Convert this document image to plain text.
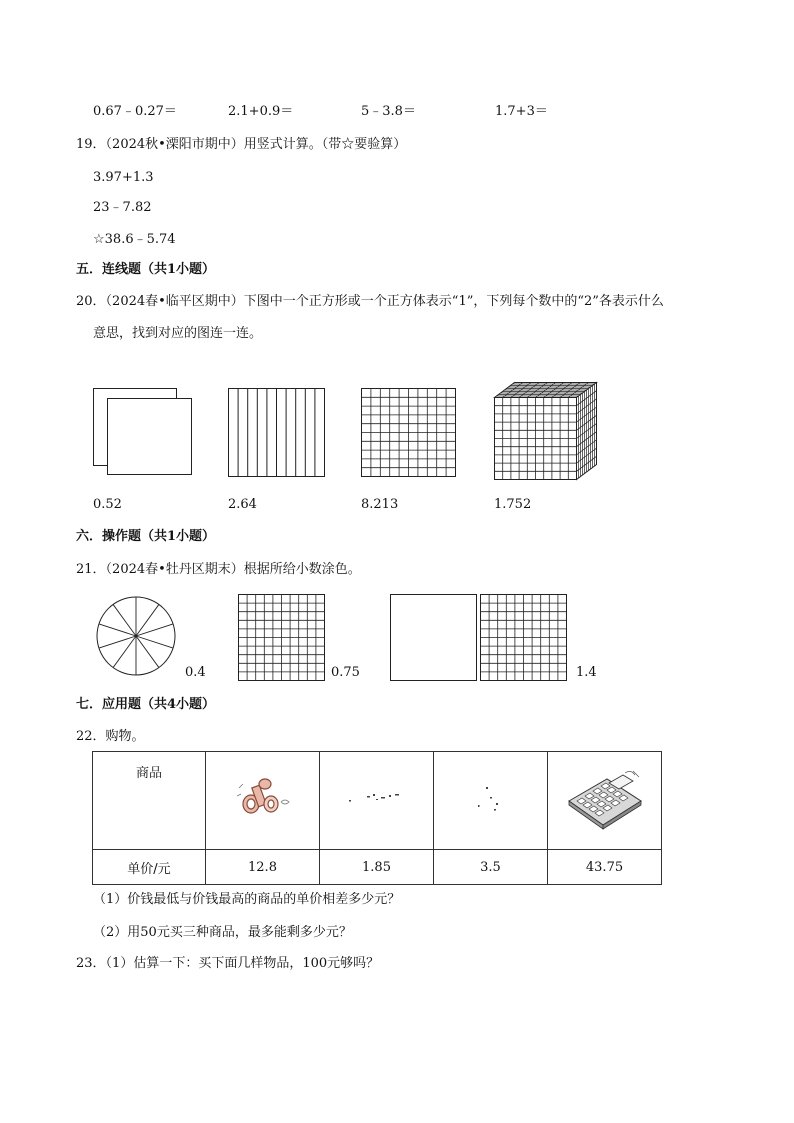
0.67﹣0.27＝	2.1+0.9＝	5﹣3.8＝	1.7+3＝
19．（2024秋•溧阳市期中）用竖式计算。（带☆要验算）
3.97+1.3
23﹣7.82
☆38.6﹣5.74
五．连线题（共1小题）
20．（2024春•临平区期中）下图中一个正方形或一个正方体表示“1”，下列每个数中的“2”各表示什么
意思，找到对应的图连一连。
0.52	2.64	8.213	1.752
六．操作题（共1小题）
21．（2024春•牡丹区期末）根据所给小数涂色。
0.4	0.75	1.4
七．应用题（共4小题）
22．购物。
商品				
单价/元	12.8	1.85	3.5	43.75
（1）价钱最低与价钱最高的商品的单价相差多少元？
（2）用50元买三种商品，最多能剩多少元？
23．（1）估算一下：买下面几样物品，100元够吗？
